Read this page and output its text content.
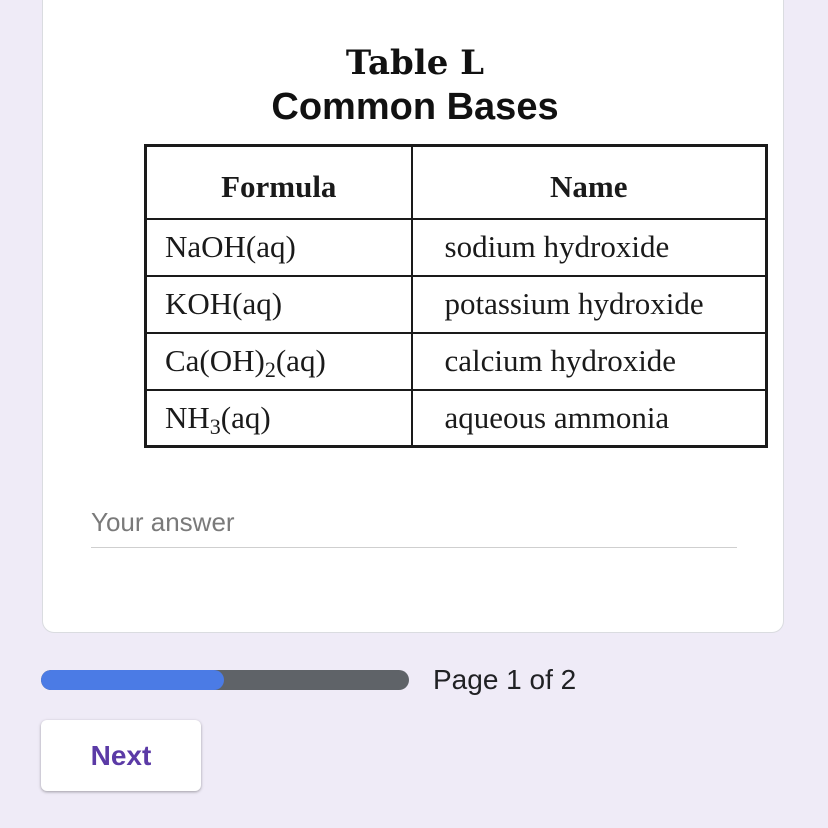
Table L
Common Bases
Formula	Name
NaOH(aq)	sodium hydroxide
KOH(aq)	potassium hydroxide
$Ca(OH)_2(aq)$	calcium hydroxide
$NH_3(aq)$	aqueous ammonia
Your answer
Page 1 of 2
Next
